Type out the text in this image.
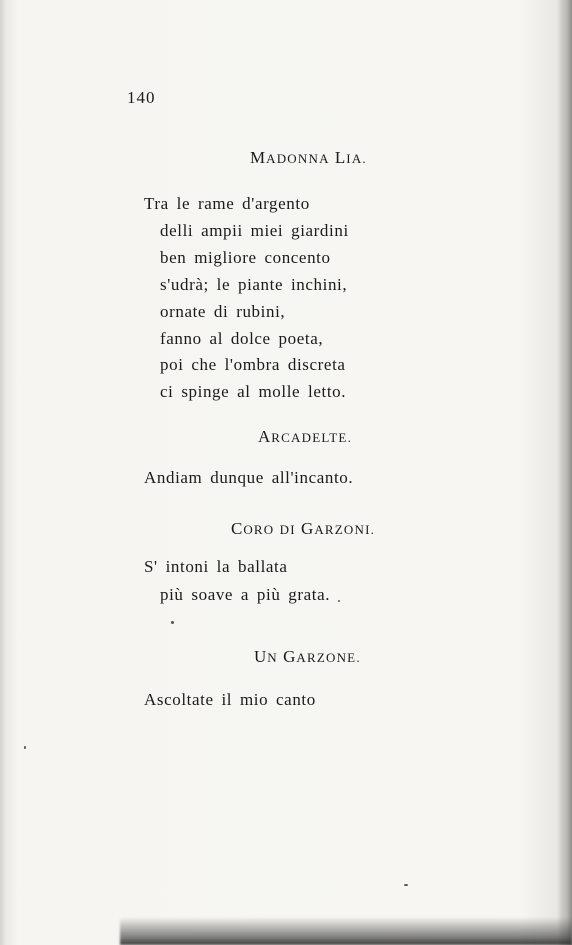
140
MADONNA LIA.
Tra le rame d'argento
delli ampii miei giardini
ben migliore concento
s'udrà; le piante inchini,
ornate di rubini,
fanno al dolce poeta,
poi che l'ombra discreta
ci spinge al molle letto.
ARCADELTE.
Andiam dunque all'incanto.
CORO DI GARZONI.
S' intoni la ballata
più soave a più grata.
UN GARZONE.
Ascoltate il mio canto
